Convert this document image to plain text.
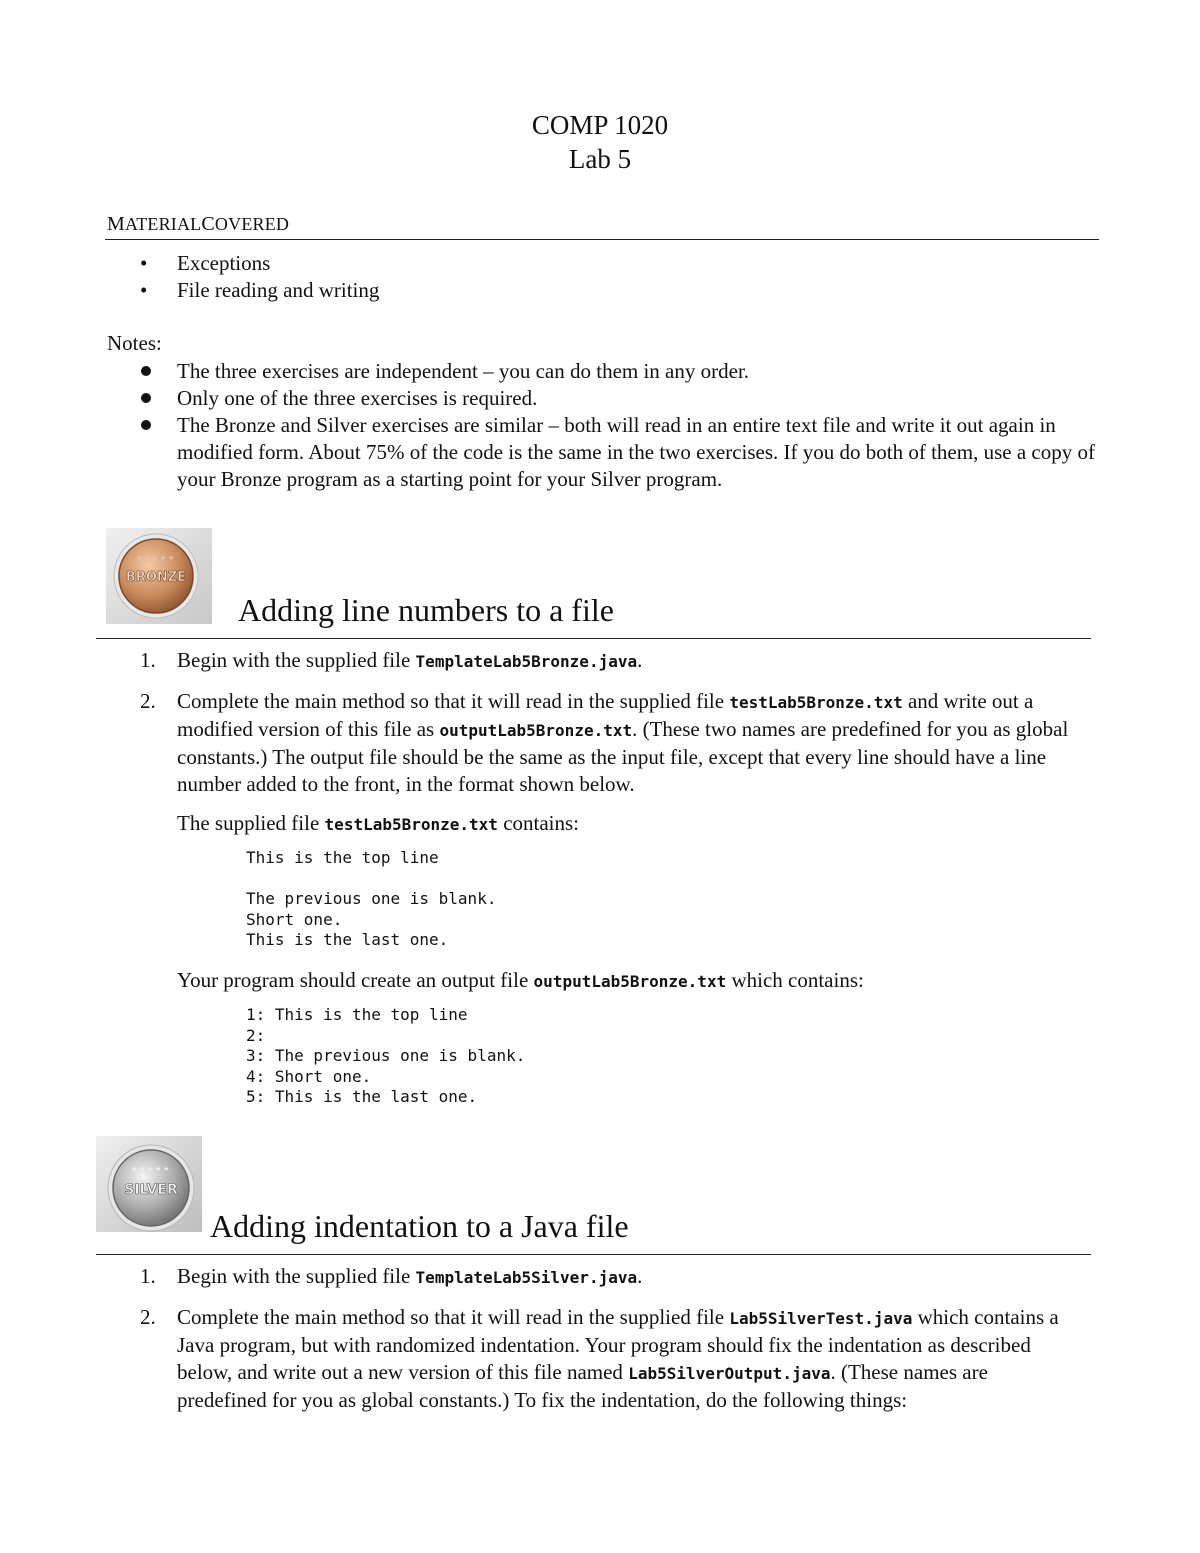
COMP 1020
Lab 5
MATERIALCOVERED
• Exceptions
• File reading and writing
Notes:
The three exercises are independent – you can do them in any order.
Only one of the three exercises is required.
The Bronze and Silver exercises are similar – both will read in an entire text file and write it out again in modified form. About 75% of the code is the same in the two exercises. If you do both of them, use a copy of your Bronze program as a starting point for your Silver program.
★ ★ ★ ★ ★
BRONZE
Adding line numbers to a file
1. Begin with the supplied file TemplateLab5Bronze.java.
2. Complete the main method so that it will read in the supplied file testLab5Bronze.txt and write out a modified version of this file as outputLab5Bronze.txt. (These two names are predefined for you as global constants.) The output file should be the same as the input file, except that every line should have a line number added to the front, in the format shown below.
The supplied file testLab5Bronze.txt contains:
This is the top line
The previous one is blank.
Short one.
This is the last one.
Your program should create an output file outputLab5Bronze.txt which contains:
1: This is the top line
2:
3: The previous one is blank.
4: Short one.
5: This is the last one.
★ ★ ★ ★ ★
SILVER
Adding indentation to a Java file
1. Begin with the supplied file TemplateLab5Silver.java.
2. Complete the main method so that it will read in the supplied file Lab5SilverTest.java which contains a Java program, but with randomized indentation. Your program should fix the indentation as described below, and write out a new version of this file named Lab5SilverOutput.java. (These names are predefined for you as global constants.) To fix the indentation, do the following things:
